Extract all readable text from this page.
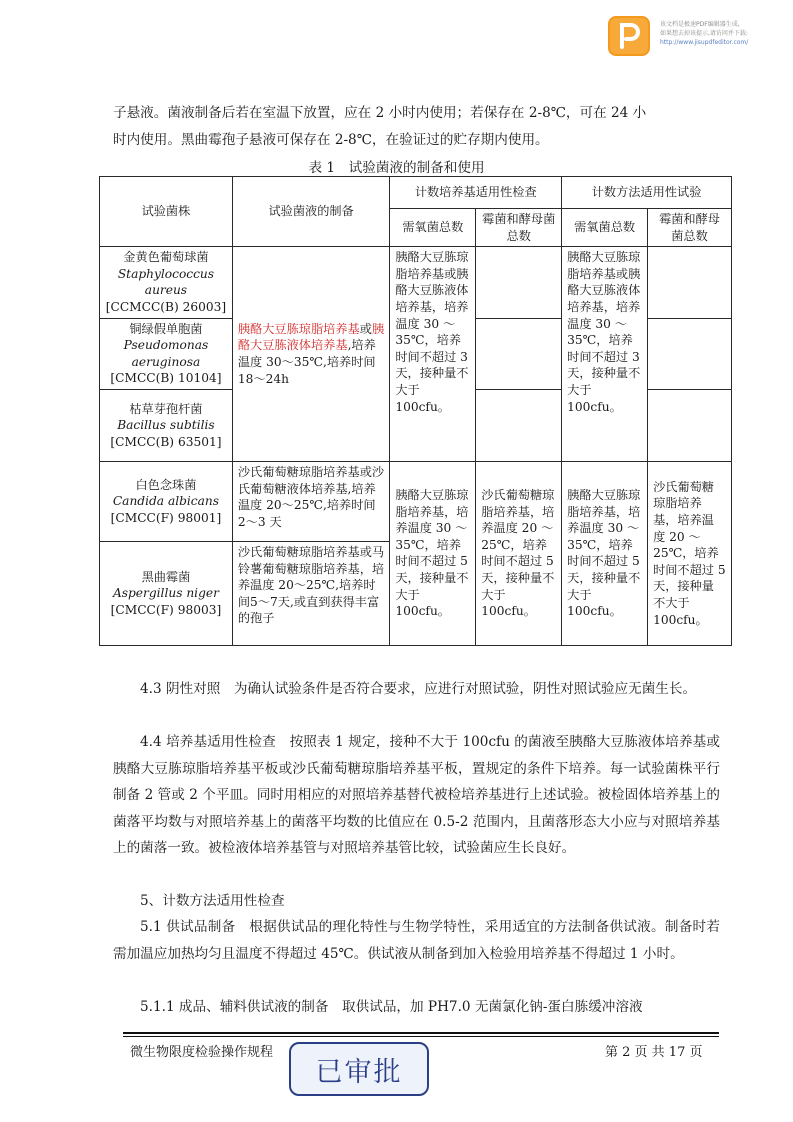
该文档是极速PDF编辑器生成,
如果想去掉该提示,请访问并下载:
http://www.jisupdfeditor.com/
子悬液。菌液制备后若在室温下放置，应在 2 小时内使用；若保存在 2-8℃，可在 24 小
时内使用。黑曲霉孢子悬液可保存在 2-8℃，在验证过的贮存期内使用。
表 1　试验菌液的制备和使用
试验菌株	试验菌液的制备	计数培养基适用性检查		计数方法适用性试验	
		需氧菌总数	霉菌和酵母菌总数	需氧菌总数	霉菌和酵母菌总数

金黄色葡萄球菌
Staphylococcus aureus
[CCMCC(B) 26003]	胰酪大豆胨琼脂培养基或胰酪大豆胨液体培养基,培养温度 30～35℃,培养时间 18～24h	胰酪大豆胨琼脂培养基或胰酪大豆胨液体培养基，培养温度 30 ～ 35℃，培养时间不超过 3 天，接种量不大于 100cfu。		胰酪大豆胨琼脂培养基或胰酪大豆胨液体培养基，培养温度 30 ～ 35℃，培养时间不超过 3 天，接种量不大于 100cfu。	

铜绿假单胞菌
Pseudomonas aeruginosa
[CMCC(B) 10104]					

枯草芽孢杆菌
Bacillus subtilis
[CMCC(B) 63501]					

白色念珠菌
Candida albicans
[CMCC(F) 98001]	沙氏葡萄糖琼脂培养基或沙氏葡萄糖液体培养基,培养温度 20～25℃,培养时间 2～3 天	胰酪大豆胨琼脂培养基，培养温度 30 ～ 35℃，培养时间不超过 5 天，接种量不大于 100cfu。	沙氏葡萄糖琼脂培养基，培养温度 20 ～ 25℃，培养时间不超过 5 天，接种量不大于 100cfu。	胰酪大豆胨琼脂培养基，培养温度 30 ～ 35℃，培养时间不超过 5 天，接种量不大于 100cfu。	沙氏葡萄糖琼脂培养基，培养温度 20 ～ 25℃，培养时间不超过 5 天，接种量不大于 100cfu。

黑曲霉菌
Aspergillus niger
[CMCC(F) 98003]	沙氏葡萄糖琼脂培养基或马铃薯葡萄糖琼脂培养基，培养温度 20～25℃,培养时间5～7天,或直到获得丰富的孢子				
4.3 阴性对照　为确认试验条件是否符合要求，应进行对照试验，阴性对照试验应无菌生长。
4.4 培养基适用性检查　按照表 1 规定，接种不大于 100cfu 的菌液至胰酪大豆胨液体培养基或胰酪大豆胨琼脂培养基平板或沙氏葡萄糖琼脂培养基平板，置规定的条件下培养。每一试验菌株平行制备 2 管或 2 个平皿。同时用相应的对照培养基替代被检培养基进行上述试验。被检固体培养基上的菌落平均数与对照培养基上的菌落平均数的比值应在 0.5-2 范围内，且菌落形态大小应与对照培养基上的菌落一致。被检液体培养基管与对照培养基管比较，试验菌应生长良好。
5、计数方法适用性检查
5.1 供试品制备　根据供试品的理化特性与生物学特性，采用适宜的方法制备供试液。制备时若需加温应加热均匀且温度不得超过 45℃。供试液从制备到加入检验用培养基不得超过 1 小时。
5.1.1 成品、辅料供试液的制备　取供试品，加 PH7.0 无菌氯化钠-蛋白胨缓冲溶液
微生物限度检验操作规程	第 2 页 共 17 页
已审批
